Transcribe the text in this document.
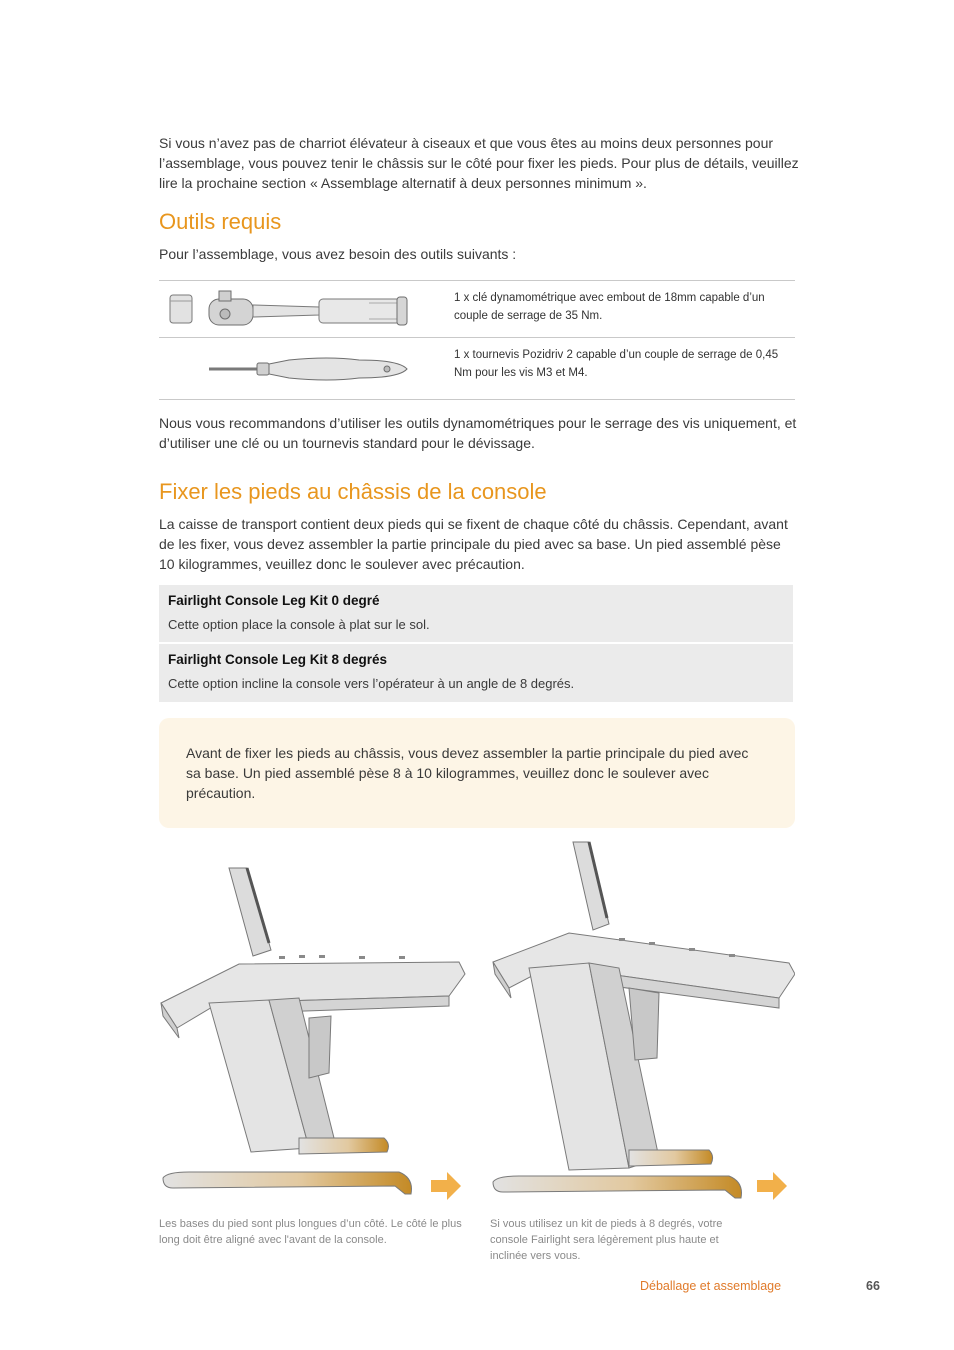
Si vous n’avez pas de charriot élévateur à ciseaux et que vous êtes au moins deux personnes pour l’assemblage, vous pouvez tenir le châssis sur le côté pour fixer les pieds. Pour plus de détails, veuillez lire la prochaine section « Assemblage alternatif à deux personnes minimum ».

Outils requis

Pour l’assemblage, vous avez besoin des outils suivants :

1 x clé dynamométrique avec embout de 18mm capable d’un couple de serrage de 35 Nm.
1 x tournevis Pozidriv 2 capable d’un couple de serrage de 0,45 Nm pour les vis M3 et M4.

Nous vous recommandons d’utiliser les outils dynamométriques pour le serrage des vis uniquement, et d’utiliser une clé ou un tournevis standard pour le dévissage.

Fixer les pieds au châssis de la console

La caisse de transport contient deux pieds qui se fixent de chaque côté du châssis. Cependant, avant de les fixer, vous devez assembler la partie principale du pied avec sa base. Un pied assemblé pèse 10 kilogrammes, veuillez donc le soulever avec précaution.

Fairlight Console Leg Kit 0 degré
Cette option place la console à plat sur le sol.
Fairlight Console Leg Kit 8 degrés
Cette option incline la console vers l’opérateur à un angle de 8 degrés.
Avant de fixer les pieds au châssis, vous devez assembler la partie principale du pied avec sa base. Un pied assemblé pèse 8 à 10 kilogrammes, veuillez donc le soulever avec précaution.

Les bases du pied sont plus longues d’un côté. Le côté le plus long doit être aligné avec l'avant de la console.

Si vous utilisez un kit de pieds à 8 degrés, votre console Fairlight sera légèrement plus haute et inclinée vers vous.

Déballage et assemblage	66
